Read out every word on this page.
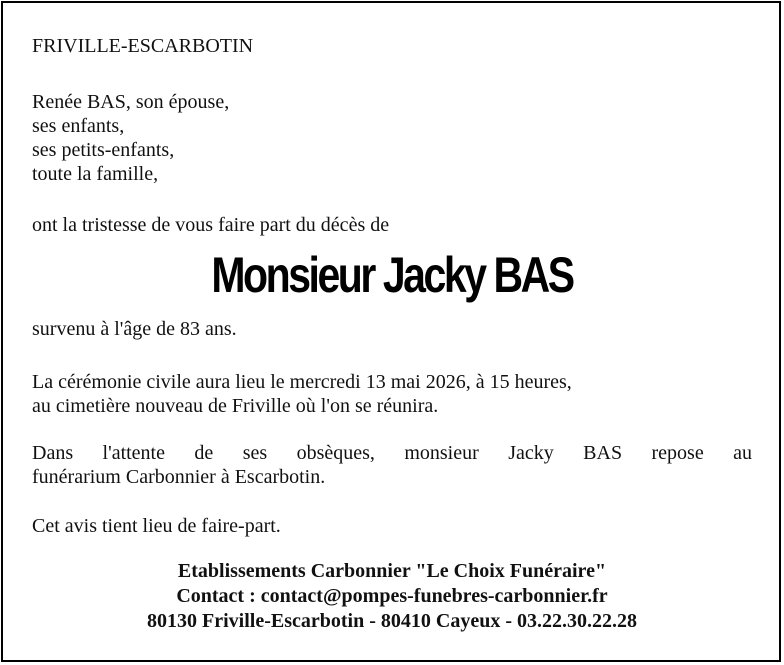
FRIVILLE-ESCARBOTIN
Renée BAS, son épouse,
ses enfants,
ses petits-enfants,
toute la famille,
ont la tristesse de vous faire part du décès de
Monsieur Jacky BAS
survenu à l'âge de 83 ans.
La cérémonie civile aura lieu le mercredi 13 mai 2026, à 15 heures,
au cimetière nouveau de Friville où l'on se réunira.
Dans l'attente de ses obsèques, monsieur Jacky BAS repose au
funérarium Carbonnier à Escarbotin.
Cet avis tient lieu de faire-part.
Etablissements Carbonnier "Le Choix Funéraire"
Contact : contact@pompes-funebres-carbonnier.fr
80130 Friville-Escarbotin - 80410 Cayeux - 03.22.30.22.28
